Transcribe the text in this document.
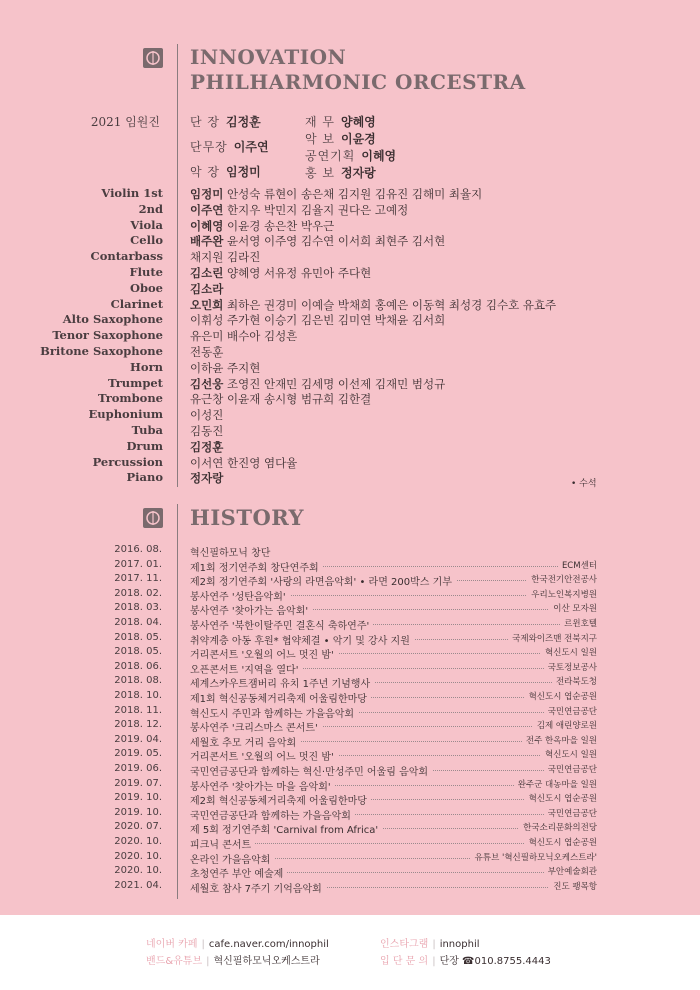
INNOVATION
PHILHARMONIC ORCESTRA
2021 임원진	단 장 김정훈
단무장 이주연
악 장 임정미
재 무 양혜영
악 보 이윤경
공연기획 이혜영
홍 보 정자랑
Violin 1st 임정미 안성숙 류현이 송은채 김지원 김유진 김해미 최율지
2nd 이주연 한지우 박민지 김율지 권다은 고예정
Viola 이혜영 이윤경 송은찬 박우근
Cello 배주완 윤서영 이주영 김수연 이서희 최현주 김서현
Contarbass 채지원 김라진
Flute 김소린 양혜영 서유정 유민아 주다현
Oboe 김소라
Clarinet 오민희 최하은 권경미 이예슬 박채희 홍예은 이동혁 최성경 김수호 유효주
Alto Saxophone 이휘성 주가현 이승기 김은빈 김미연 박채윤 김서희
Tenor Saxophone 유은미 배수아 김성흔
Britone Saxophone 전동훈
Horn 이하윤 주지현
Trumpet 김선웅 조영진 안재민 김세명 이선제 김재민 범성규
Trombone 유근창 이윤재 송시형 범규희 김한결
Euphonium 이성진
Tuba 김동진
Drum 김정훈
Percussion 이서연 한진영 염다율
Piano 정자랑	• 수석
HISTORY
2016. 08.	혁신필하모닉 창단
2017. 01.	제1회 정기연주회 창단연주회	ECM센터
2017. 11.	제2회 정기연주회 '사랑의 라면음악회' • 라면 200박스 기부	한국전기안전공사
2018. 02.	봉사연주 '성탄음악회'	우리노인복지병원
2018. 03.	봉사연주 '찾아가는 음악회'	이산 모자원
2018. 04.	봉사연주 '북한이탈주민 결혼식 축하연주'	르윈호텔
2018. 05.	취약계층 아동 후원* 협약체결 • 악기 및 강사 지원	국제와이즈맨 전북지구
2018. 05.	거리콘서트 '오월의 어느 멋진 밤'	혁신도시 일원
2018. 06.	오픈콘서트 '지역을 열다'	국토정보공사
2018. 08.	세계스카우트잼버리 유치 1주년 기념행사	전라북도청
2018. 10.	제1회 혁신공동체거리축제 어울림한마당	혁신도시 엽순공원
2018. 11.	혁신도시 주민과 함께하는 가을음악회	국민연금공단
2018. 12.	봉사연주 '크리스마스 콘서트'	김제 애린양로원
2019. 04.	세월호 추모 거리 음악회	전주 한옥마을 일원
2019. 05.	거리콘서트 '오월의 어느 멋진 밤'	혁신도시 일원
2019. 06.	국민연금공단과 함께하는 혁신·만성주민 어울림 음악회	국민연금공단
2019. 07.	봉사연주 '찾아가는 마을 음악회'	완주군 대농마을 일원
2019. 10.	제2회 혁신공동체거리축제 어울림한마당	혁신도시 엽순공원
2019. 10.	국민연금공단과 함께하는 가을음악회	국민연금공단
2020. 07.	제 5회 정기연주회 'Carnival from Africa'	한국소리문화의전당
2020. 10.	피크닉 콘서트	혁신도시 엽순공원
2020. 10.	온라인 가을음악회	유튜브 '혁신필하모닉오케스트라'
2020. 10.	초청연주 부안 예술제	부안예술회관
2021. 04.	세월호 참사 7주기 기억음악회	진도 팽목항
네이버 카페 | cafe.naver.com/innophil
밴드&유튜브 | 혁신필하모닉오케스트라
인스타그램 | innophil
입 단 문 의 | 단장 ☎010.8755.4443
